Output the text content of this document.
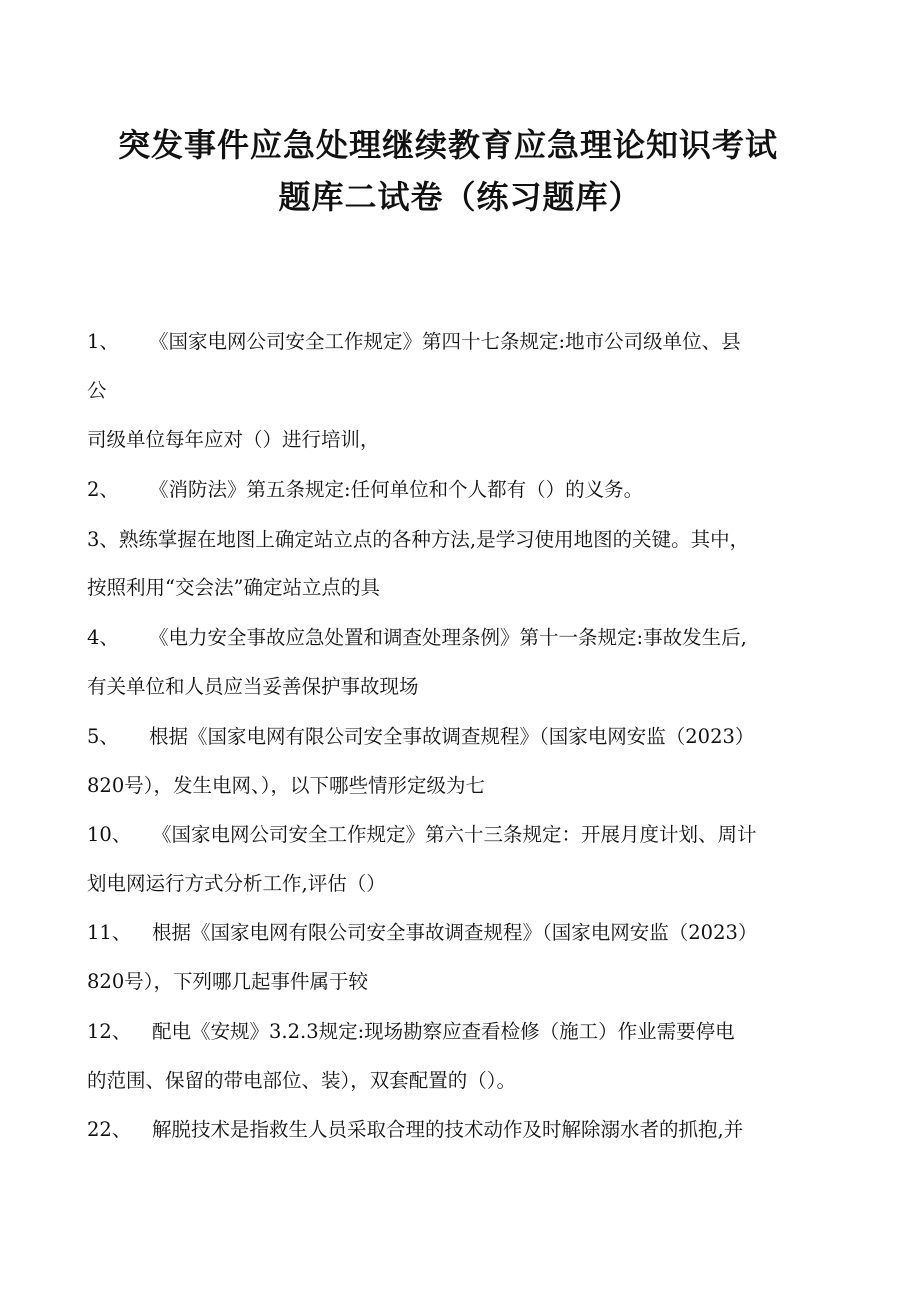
突发事件应急处理继续教育应急理论知识考试
题库二试卷（练习题库）

1、 《国家电网公司安全工作规定》第四十七条规定:地市公司级单位、县

公

司级单位每年应对（）进行培训，

2、 《消防法》第五条规定:任何单位和个人都有（）的义务。

3、熟练掌握在地图上确定站立点的各种方法,是学习使用地图的关键。其中，

按照利用“交会法”确定站立点的具

4、 《电力安全事故应急处置和调查处理条例》第十一条规定:事故发生后,

有关单位和人员应当妥善保护事故现场

5、 根据《国家电网有限公司安全事故调查规程》（国家电网安监（2023）

820号），发生电网、），以下哪些情形定级为七

10、 《国家电网公司安全工作规定》第六十三条规定：开展月度计划、周计

划电网运行方式分析工作,评估（）

11、 根据《国家电网有限公司安全事故调查规程》（国家电网安监（2023）

820号），下列哪几起事件属于较

12、 配电《安规》3.2.3规定:现场勘察应查看检修（施工）作业需要停电

的范围、保留的带电部位、装），双套配置的（）。

22、 解脱技术是指救生人员采取合理的技术动作及时解除溺水者的抓抱,并
